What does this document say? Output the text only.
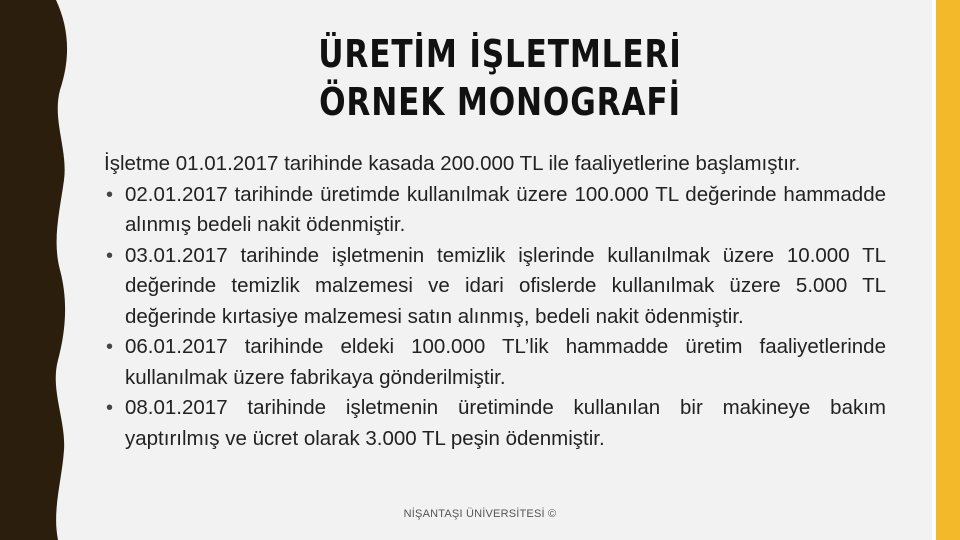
ÜRETİM İŞLETMLERİ
ÖRNEK MONOGRAFİ

İşletme 01.01.2017 tarihinde kasada 200.000 TL ile faaliyetlerine başlamıştır.

• 02.01.2017 tarihinde üretimde kullanılmak üzere 100.000 TL değerinde hammadde alınmış bedeli nakit ödenmiştir.
• 03.01.2017 tarihinde işletmenin temizlik işlerinde kullanılmak üzere 10.000 TL değerinde temizlik malzemesi ve idari ofislerde kullanılmak üzere 5.000 TL değerinde kırtasiye malzemesi satın alınmış, bedeli nakit ödenmiştir.
• 06.01.2017 tarihinde eldeki 100.000 TL’lik hammadde üretim faaliyetlerinde kullanılmak üzere fabrikaya gönderilmiştir.
• 08.01.2017 tarihinde işletmenin üretiminde kullanılan bir makineye bakım yaptırılmış ve ücret olarak 3.000 TL peşin ödenmiştir.
NİŞANTAŞI ÜNİVERSİTESİ ©
